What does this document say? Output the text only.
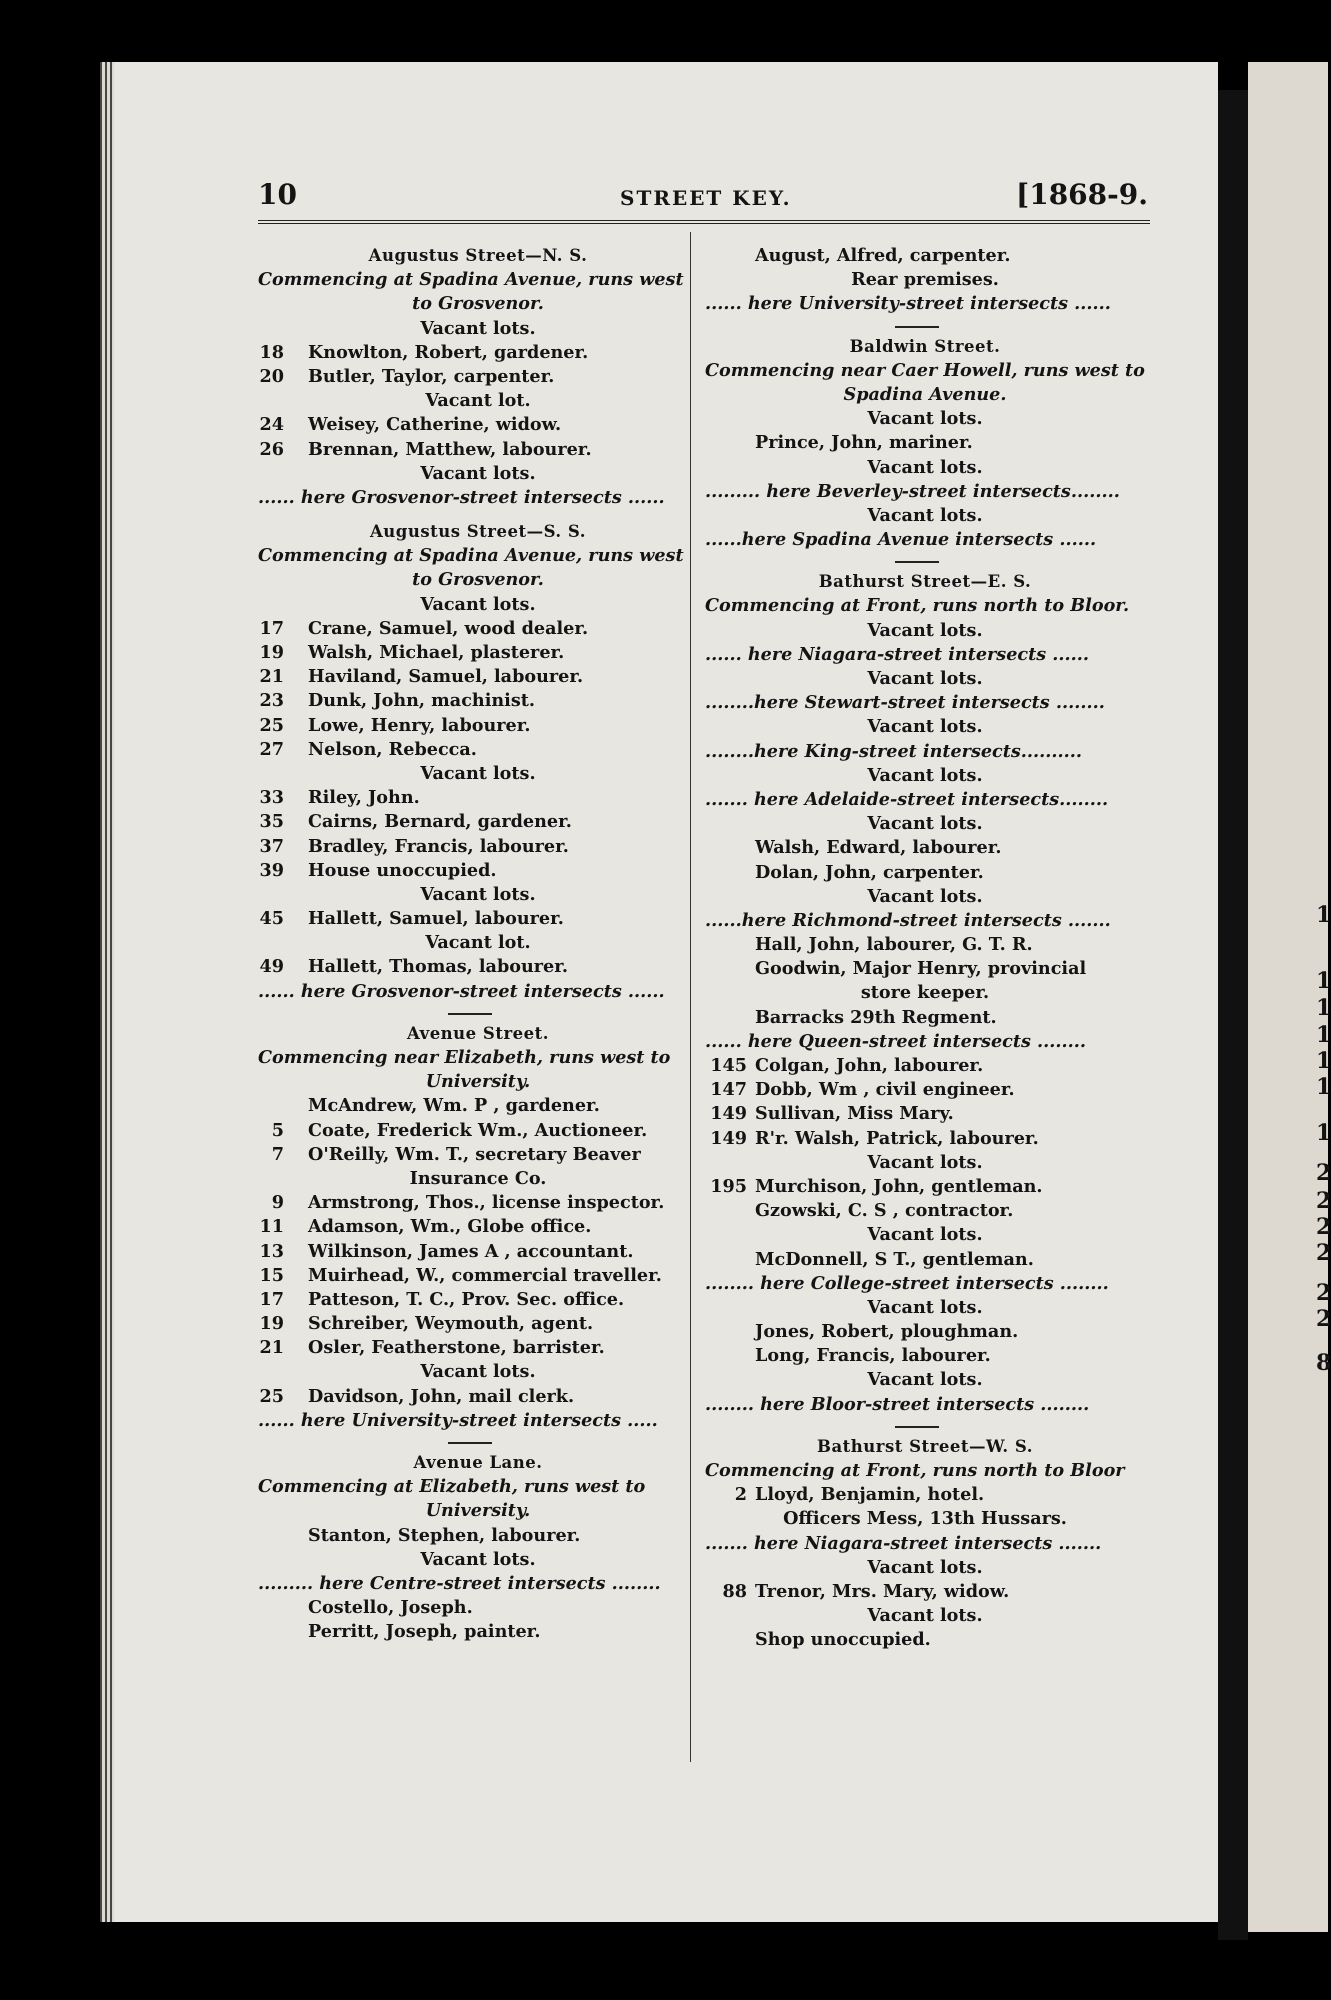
1
1
1
1
1
1
1
2
2
2
2
2
2
8
10	STREET KEY.	[1868-9.
Augustus Street—N. S.
Commencing at Spadina Avenue, runs west
to Grosvenor.
Vacant lots.
18 Knowlton, Robert, gardener.
20 Butler, Taylor, carpenter.
Vacant lot.
24 Weisey, Catherine, widow.
26 Brennan, Matthew, labourer.
Vacant lots.
...... here Grosvenor-street intersects ......
Augustus Street—S. S.
Commencing at Spadina Avenue, runs west
to Grosvenor.
Vacant lots.
17 Crane, Samuel, wood dealer.
19 Walsh, Michael, plasterer.
21 Haviland, Samuel, labourer.
23 Dunk, John, machinist.
25 Lowe, Henry, labourer.
27 Nelson, Rebecca.
Vacant lots.
33 Riley, John.
35 Cairns, Bernard, gardener.
37 Bradley, Francis, labourer.
39 House unoccupied.
Vacant lots.
45 Hallett, Samuel, labourer.
Vacant lot.
49 Hallett, Thomas, labourer.
...... here Grosvenor-street intersects ......
Avenue Street.
Commencing near Elizabeth, runs west to
University.
McAndrew, Wm. P , gardener.
5 Coate, Frederick Wm., Auctioneer.
7 O'Reilly, Wm. T., secretary Beaver
Insurance Co.
9 Armstrong, Thos., license inspector.
11 Adamson, Wm., Globe office.
13 Wilkinson, James A , accountant.
15 Muirhead, W., commercial traveller.
17 Patteson, T. C., Prov. Sec. office.
19 Schreiber, Weymouth, agent.
21 Osler, Featherstone, barrister.
Vacant lots.
25 Davidson, John, mail clerk.
...... here University-street intersects .....
Avenue Lane.
Commencing at Elizabeth, runs west to
University.
Stanton, Stephen, labourer.
Vacant lots.
......... here Centre-street intersects ........
Costello, Joseph.
Perritt, Joseph, painter.
August, Alfred, carpenter.
Rear premises.
...... here University-street intersects ......
Baldwin Street.
Commencing near Caer Howell, runs west to
Spadina Avenue.
Vacant lots.
Prince, John, mariner.
Vacant lots.
......... here Beverley-street intersects........
Vacant lots.
......here Spadina Avenue intersects ......
Bathurst Street—E. S.
Commencing at Front, runs north to Bloor.
Vacant lots.
...... here Niagara-street intersects ......
Vacant lots.
........here Stewart-street intersects ........
Vacant lots.
........here King-street intersects..........
Vacant lots.
....... here Adelaide-street intersects........
Vacant lots.
Walsh, Edward, labourer.
Dolan, John, carpenter.
Vacant lots.
......here Richmond-street intersects .......
Hall, John, labourer, G. T. R.
Goodwin, Major Henry, provincial
store keeper.
Barracks 29th Regment.
...... here Queen-street intersects ........
145 Colgan, John, labourer.
147 Dobb, Wm , civil engineer.
149 Sullivan, Miss Mary.
149 R'r. Walsh, Patrick, labourer.
Vacant lots.
195 Murchison, John, gentleman.
Gzowski, C. S , contractor.
Vacant lots.
McDonnell, S T., gentleman.
........ here College-street intersects ........
Vacant lots.
Jones, Robert, ploughman.
Long, Francis, labourer.
Vacant lots.
........ here Bloor-street intersects ........
Bathurst Street—W. S.
Commencing at Front, runs north to Bloor
2 Lloyd, Benjamin, hotel.
Officers Mess, 13th Hussars.
....... here Niagara-street intersects .......
Vacant lots.
88 Trenor, Mrs. Mary, widow.
Vacant lots.
Shop unoccupied.
